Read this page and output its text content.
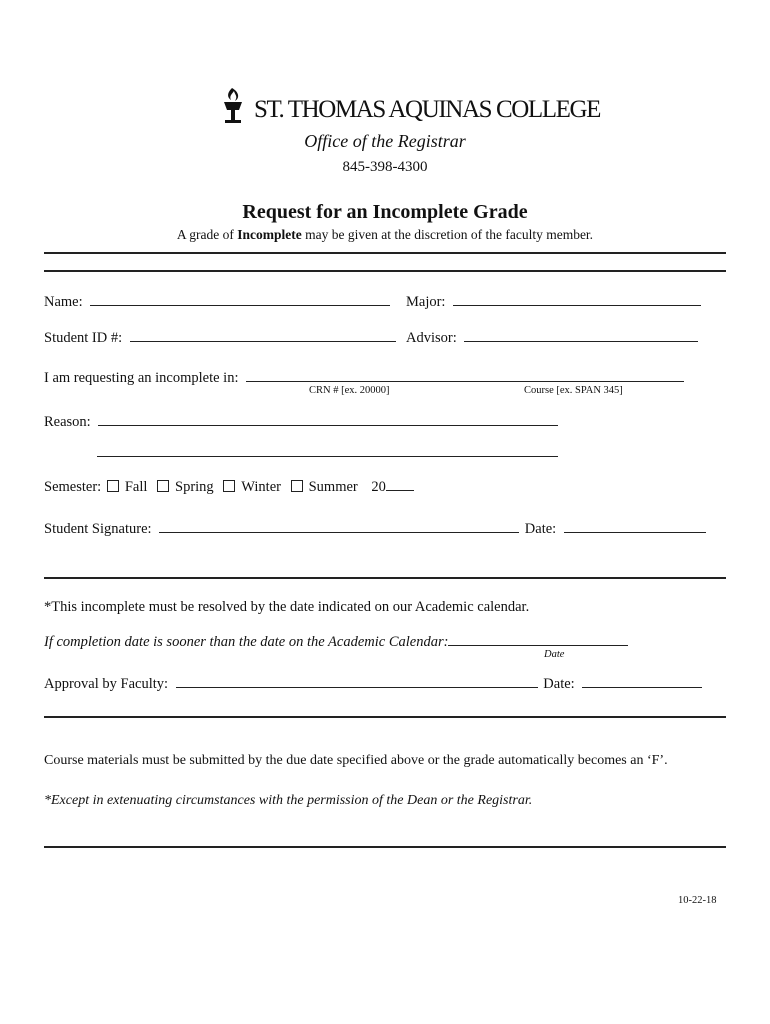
ST. THOMAS AQUINAS COLLEGE
Office of the Registrar
845-398-4300
Request for an Incomplete Grade
A grade of Incomplete may be given at the discretion of the faculty member.
Name:	Major:
Student ID #:	Advisor:
I am requesting an incomplete in:
CRN # [ex. 20000]	Course [ex. SPAN 345]
Reason:
Semester: Fall Spring Winter Summer 20
Student Signature:	Date:
*This incomplete must be resolved by the date indicated on our Academic calendar.
If completion date is sooner than the date on the Academic Calendar:
Date
Approval by Faculty:	Date:
Course materials must be submitted by the due date specified above or the grade automatically becomes an ‘F’.
*Except in extenuating circumstances with the permission of the Dean or the Registrar.
10-22-18
